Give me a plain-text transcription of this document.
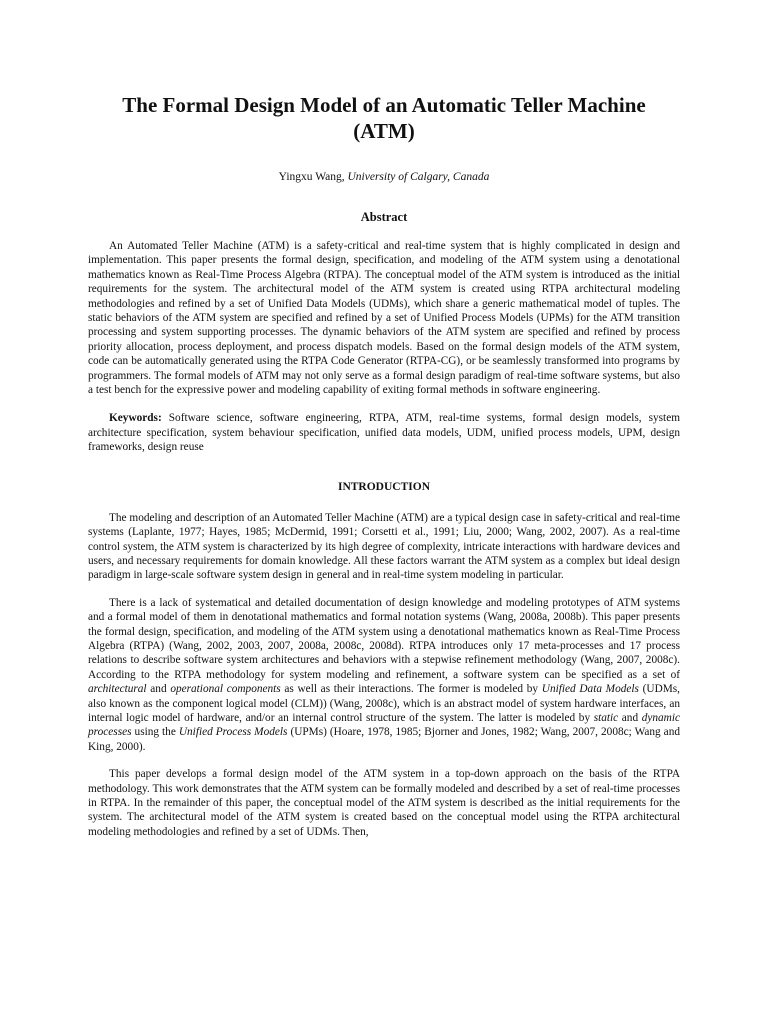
The Formal Design Model of an Automatic Teller Machine
(ATM)
Yingxu Wang, University of Calgary, Canada
Abstract

An Automated Teller Machine (ATM) is a safety-critical and real-time system that is highly complicated in design and implementation. This paper presents the formal design, specification, and modeling of the ATM system using a denotational mathematics known as Real-Time Process Algebra (RTPA). The conceptual model of the ATM system is introduced as the initial requirements for the system. The architectural model of the ATM system is created using RTPA architectural modeling methodologies and refined by a set of Unified Data Models (UDMs), which share a generic mathematical model of tuples. The static behaviors of the ATM system are specified and refined by a set of Unified Process Models (UPMs) for the ATM transition processing and system supporting processes. The dynamic behaviors of the ATM system are specified and refined by process priority allocation, process deployment, and process dispatch models. Based on the formal design models of the ATM system, code can be automatically generated using the RTPA Code Generator (RTPA-CG), or be seamlessly transformed into programs by programmers. The formal models of ATM may not only serve as a formal design paradigm of real-time software systems, but also a test bench for the expressive power and modeling capability of exiting formal methods in software engineering.

Keywords: Software science, software engineering, RTPA, ATM, real-time systems, formal design models, system architecture specification, system behaviour specification, unified data models, UDM, unified process models, UPM, design frameworks, design reuse

INTRODUCTION

The modeling and description of an Automated Teller Machine (ATM) are a typical design case in safety-critical and real-time systems (Laplante, 1977; Hayes, 1985; McDermid, 1991; Corsetti et al., 1991; Liu, 2000; Wang, 2002, 2007). As a real-time control system, the ATM system is characterized by its high degree of complexity, intricate interactions with hardware devices and users, and necessary requirements for domain knowledge. All these factors warrant the ATM system as a complex but ideal design paradigm in large-scale software system design in general and in real-time system modeling in particular.

There is a lack of systematical and detailed documentation of design knowledge and modeling prototypes of ATM systems and a formal model of them in denotational mathematics and formal notation systems (Wang, 2008a, 2008b). This paper presents the formal design, specification, and modeling of the ATM system using a denotational mathematics known as Real-Time Process Algebra (RTPA) (Wang, 2002, 2003, 2007, 2008a, 2008c, 2008d). RTPA introduces only 17 meta-processes and 17 process relations to describe software system architectures and behaviors with a stepwise refinement methodology (Wang, 2007, 2008c). According to the RTPA methodology for system modeling and refinement, a software system can be specified as a set of architectural and operational components as well as their interactions. The former is modeled by Unified Data Models (UDMs, also known as the component logical model (CLM)) (Wang, 2008c), which is an abstract model of system hardware interfaces, an internal logic model of hardware, and/or an internal control structure of the system. The latter is modeled by static and dynamic processes using the Unified Process Models (UPMs) (Hoare, 1978, 1985; Bjorner and Jones, 1982; Wang, 2007, 2008c; Wang and King, 2000).

This paper develops a formal design model of the ATM system in a top-down approach on the basis of the RTPA methodology. This work demonstrates that the ATM system can be formally modeled and described by a set of real-time processes in RTPA. In the remainder of this paper, the conceptual model of the ATM system is described as the initial requirements for the system. The architectural model of the ATM system is created based on the conceptual model using the RTPA architectural modeling methodologies and refined by a set of UDMs. Then,
